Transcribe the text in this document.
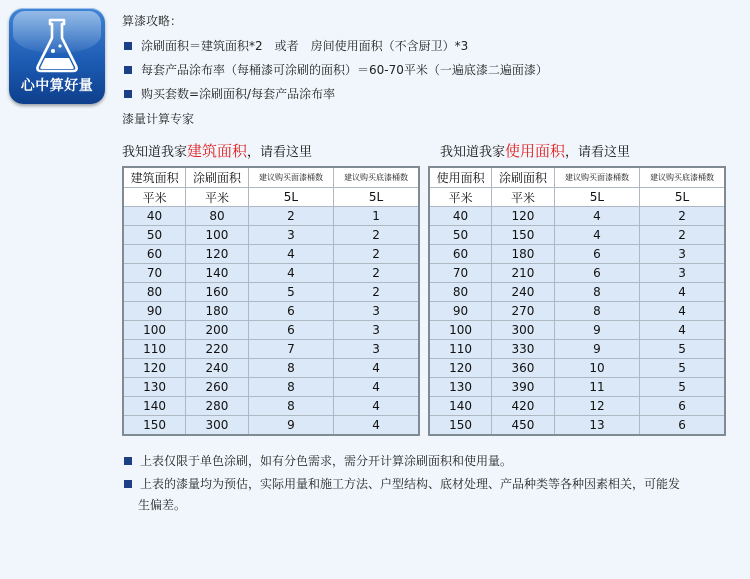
心中算好量
算漆攻略：
涂刷面积＝建筑面积*2　或者　房间使用面积（不含厨卫）*3
每套产品涂布率（每桶漆可涂刷的面积）＝60-70平米（一遍底漆二遍面漆）
购买套数=涂刷面积/每套产品涂布率
漆量计算专家
我知道我家建筑面积，请看这里	我知道我家使用面积，请看这里
建筑面积	涂刷面积	建议购买面漆桶数	建议购买底漆桶数
平米	平米	5L	5L
40	80	2	1
50	100	3	2
60	120	4	2
70	140	4	2
80	160	5	2
90	180	6	3
100	200	6	3
110	220	7	3
120	240	8	4
130	260	8	4
140	280	8	4
150	300	9	4
使用面积	涂刷面积	建议购买面漆桶数	建议购买底漆桶数
平米	平米	5L	5L
40	120	4	2
50	150	4	2
60	180	6	3
70	210	6	3
80	240	8	4
90	270	8	4
100	300	9	4
110	330	9	5
120	360	10	5
130	390	11	5
140	420	12	6
150	450	13	6
上表仅限于单色涂刷，如有分色需求，需分开计算涂刷面积和使用量。
上表的漆量均为预估，实际用量和施工方法、户型结构、底材处理、产品种类等各种因素相关，可能发
生偏差。
